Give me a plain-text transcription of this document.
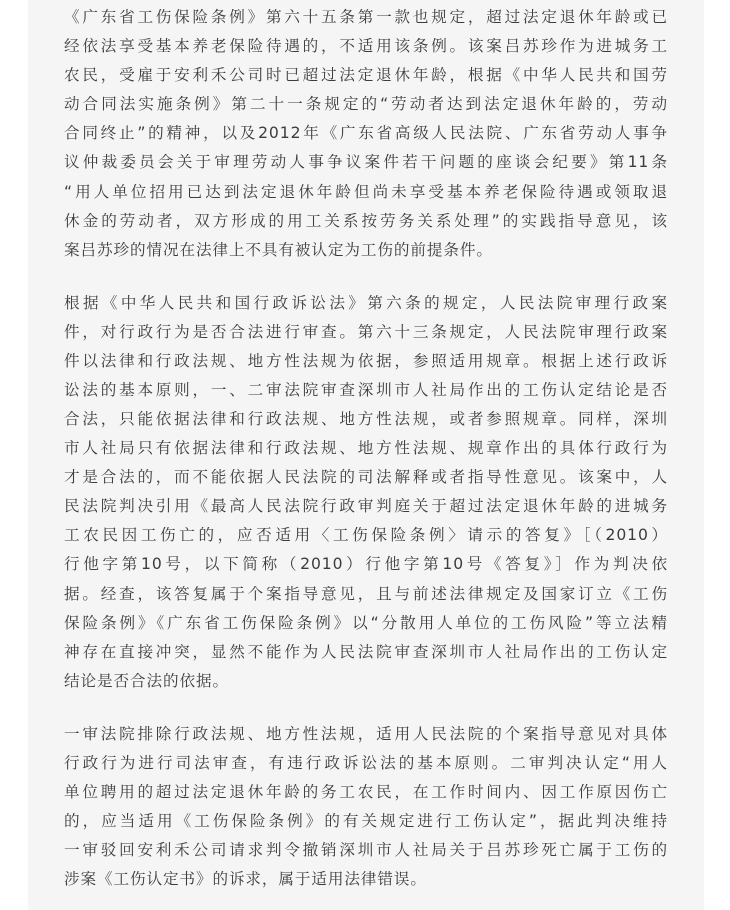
《广东省工伤保险条例》第六十五条第一款也规定，超过法定退休年龄或已
经依法享受基本养老保险待遇的，不适用该条例。该案吕苏珍作为进城务工
农民，受雇于安利禾公司时已超过法定退休年龄，根据《中华人民共和国劳
动合同法实施条例》第二十一条规定的“劳动者达到法定退休年龄的，劳动
合同终止”的精神，以及2012年《广东省高级人民法院、广东省劳动人事争
议仲裁委员会关于审理劳动人事争议案件若干问题的座谈会纪要》第11条
“用人单位招用已达到法定退休年龄但尚未享受基本养老保险待遇或领取退
休金的劳动者，双方形成的用工关系按劳务关系处理”的实践指导意见，该
案吕苏珍的情况在法律上不具有被认定为工伤的前提条件。

根据《中华人民共和国行政诉讼法》第六条的规定，人民法院审理行政案
件，对行政行为是否合法进行审查。第六十三条规定，人民法院审理行政案
件以法律和行政法规、地方性法规为依据，参照适用规章。根据上述行政诉
讼法的基本原则，一、二审法院审查深圳市人社局作出的工伤认定结论是否
合法，只能依据法律和行政法规、地方性法规，或者参照规章。同样，深圳
市人社局只有依据法律和行政法规、地方性法规、规章作出的具体行政行为
才是合法的，而不能依据人民法院的司法解释或者指导性意见。该案中，人
民法院判决引用《最高人民法院行政审判庭关于超过法定退休年龄的进城务
工农民因工伤亡的，应否适用〈工伤保险条例〉请示的答复》［（2010）
行他字第10号，以下简称（2010）行他字第10号《答复》］作为判决依
据。经查，该答复属于个案指导意见，且与前述法律规定及国家订立《工伤
保险条例》《广东省工伤保险条例》以“分散用人单位的工伤风险”等立法精
神存在直接冲突，显然不能作为人民法院审查深圳市人社局作出的工伤认定
结论是否合法的依据。

一审法院排除行政法规、地方性法规，适用人民法院的个案指导意见对具体
行政行为进行司法审查，有违行政诉讼法的基本原则。二审判决认定“用人
单位聘用的超过法定退休年龄的务工农民，在工作时间内、因工作原因伤亡
的，应当适用《工伤保险条例》的有关规定进行工伤认定”，据此判决维持
一审驳回安利禾公司请求判令撤销深圳市人社局关于吕苏珍死亡属于工伤的
涉案《工伤认定书》的诉求，属于适用法律错误。
